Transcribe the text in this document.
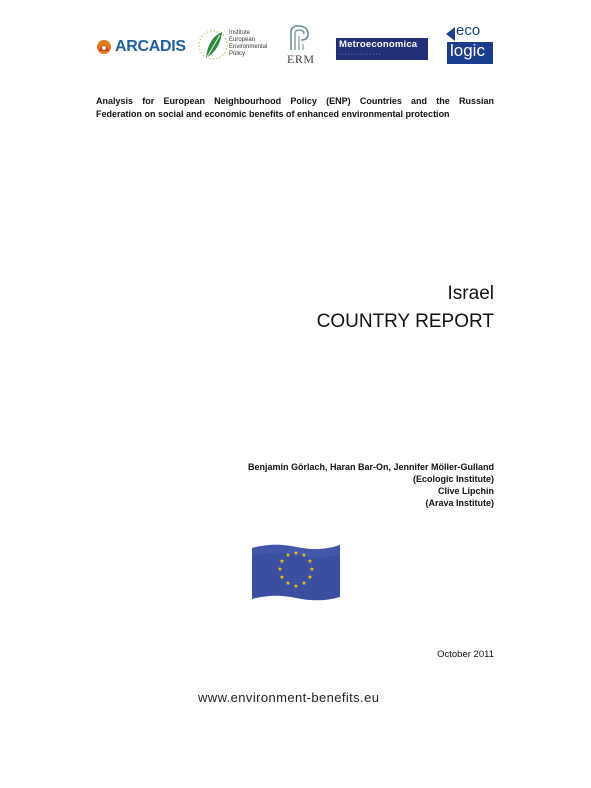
ARCADIS
Institute
European
Environmental
Policy	ERM
Metroeconomica
▪▪▪▪▪▪▪▪▪▪▪▪▪▪
eco
logic

Analysis for European Neighbourhood Policy (ENP) Countries and the Russian

Federation on social and economic benefits of enhanced environmental protection

Israel
COUNTRY REPORT
Benjamin Görlach, Haran Bar-On, Jennifer Möller-Gulland
(Ecologic Institute)
Clive Lipchin
(Arava Institute)
★ ★
★
★
★
★
★
★
★
★
★
★
October 2011
www.environment-benefits.eu
